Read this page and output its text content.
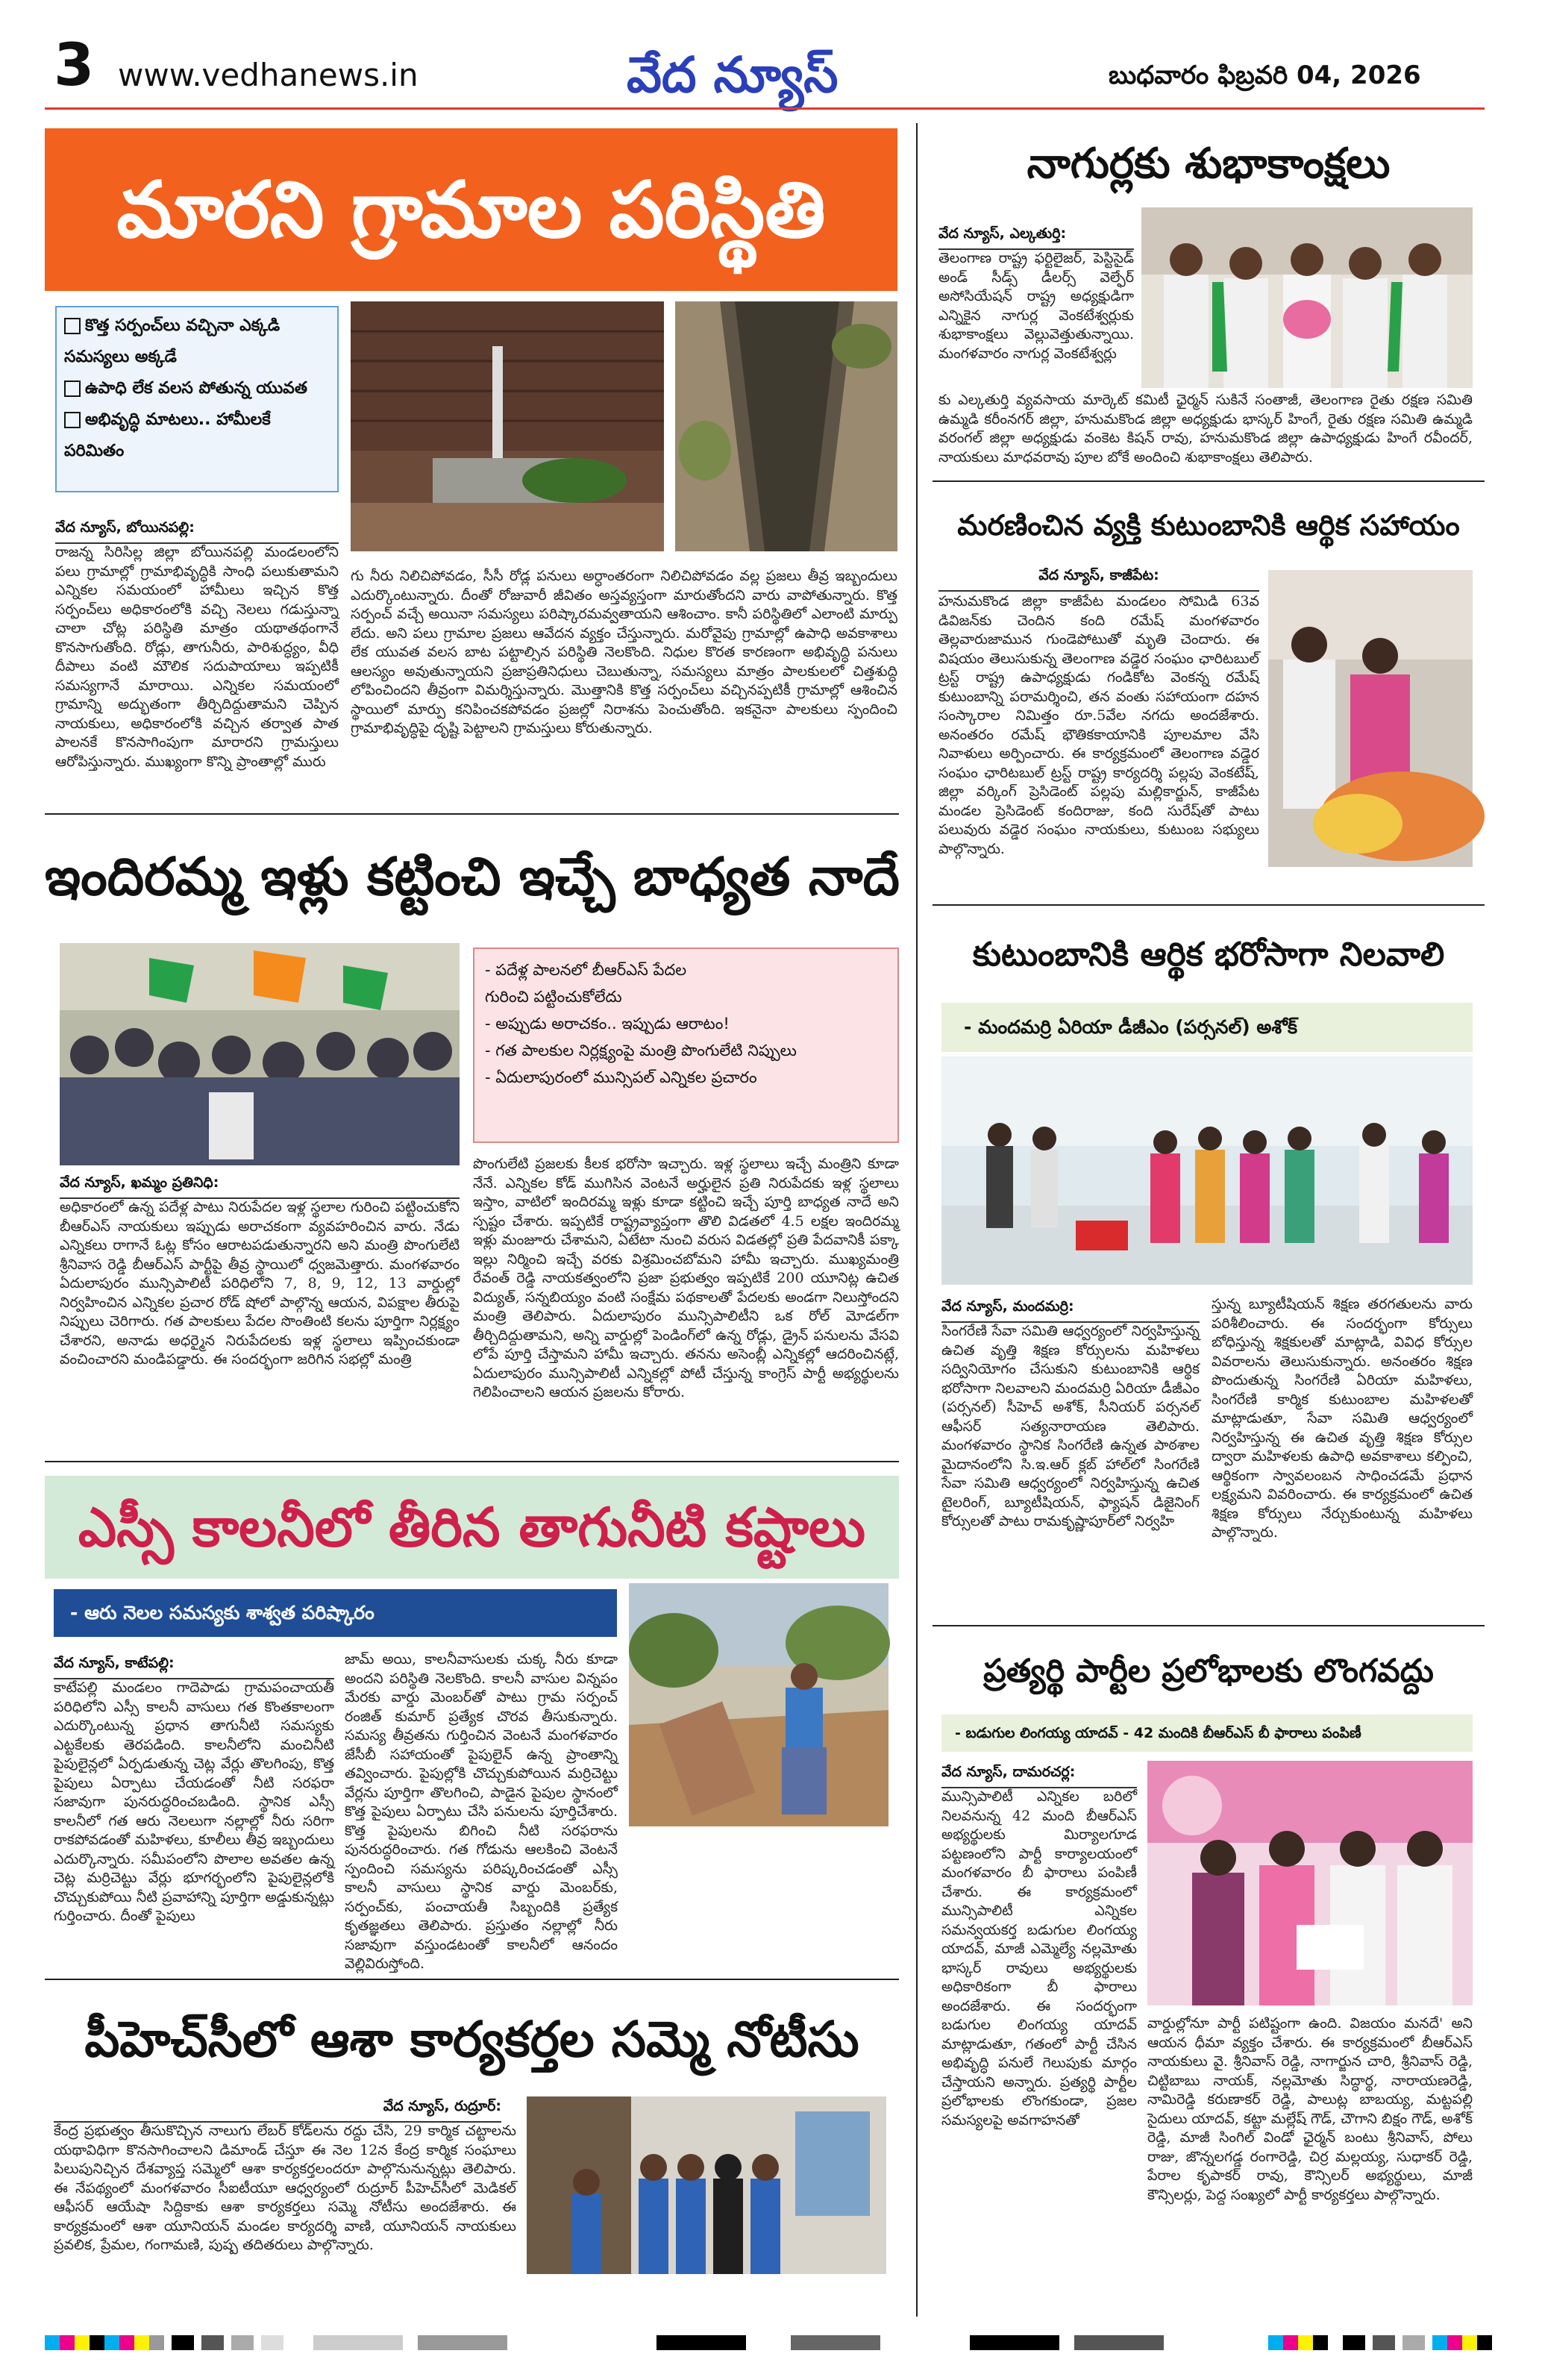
3 www.vedhanews.in	వేద న్యూస్	బుధవారం ఫిబ్రవరి 04, 2026
మారని గ్రామాల పరిస్థితి
కొత్త సర్పంచ్‌లు వచ్చినా ఎక్కడి సమస్యలు అక్కడే
ఉపాధి లేక వలస పోతున్న యువత
అభివృద్ధి మాటలు.. హామీలకే పరిమితం
వేద న్యూస్, బోయినపల్లి:
రాజన్న సిరిసిల్ల జిల్లా బోయినపల్లి మండలంలోని పలు గ్రామాల్లో గ్రామాభివృద్ధికి సాంధి పలుకుతామని ఎన్నికల సమయంలో హామీలు ఇచ్చిన కొత్త సర్పంచ్‌లు అధికారంలోకి వచ్చి నెలలు గడుస్తున్నా చాలా చోట్ల పరిస్థితి మాత్రం యథాతథంగానే కొనసాగుతోంది. రోడ్లు, తాగునీరు, పారిశుద్ధ్యం, వీధి దీపాలు వంటి మౌలిక సదుపాయాలు ఇప్పటికీ సమస్యగానే మారాయి. ఎన్నికల సమయంలో గ్రామాన్ని అద్భుతంగా తీర్చిదిద్దుతామని చెప్పిన నాయకులు, అధికారంలోకి వచ్చిన తర్వాత పాత పాలనకే కొనసాగింపుగా మారారని గ్రామస్తులు ఆరోపిస్తున్నారు. ముఖ్యంగా కొన్ని ప్రాంతాల్లో మురు
గు నీరు నిలిచిపోవడం, సీసీ రోడ్ల పనులు అర్ధాంతరంగా నిలిచిపోవడం వల్ల ప్రజలు తీవ్ర ఇబ్బందులు ఎదుర్కొంటున్నారు. దీంతో రోజువారీ జీవితం అస్తవ్యస్తంగా మారుతోందని వారు వాపోతున్నారు. కొత్త సర్పంచ్ వచ్చే అయినా సమస్యలు పరిష్కారమవ్వతాయని ఆశించాం. కానీ పరిస్థితిలో ఎలాంటి మార్పు లేదు. అని పలు గ్రామాల ప్రజలు ఆవేదన వ్యక్తం చేస్తున్నారు. మరోవైపు గ్రామాల్లో ఉపాధి అవకాశాలు లేక యువత వలస బాట పట్టాల్సిన పరిస్థితి నెలకొంది. నిధుల కొరత కారణంగా అభివృద్ధి పనులు ఆలస్యం అవుతున్నాయని ప్రజాప్రతినిధులు చెబుతున్నా, సమస్యలు మాత్రం పాలకులలో చిత్తశుద్ధి లోపించిందని తీవ్రంగా విమర్శిస్తున్నారు. మొత్తానికి కొత్త సర్పంచ్‌లు వచ్చినప్పటికీ గ్రామాల్లో ఆశించిన స్థాయిలో మార్పు కనిపించకపోవడం ప్రజల్లో నిరాశను పెంచుతోంది. ఇకనైనా పాలకులు స్పందించి గ్రామాభివృద్ధిపై దృష్టి పెట్టాలని గ్రామస్తులు కోరుతున్నారు.
ఇందిరమ్మ ఇళ్లు కట్టించి ఇచ్చే బాధ్యత నాదే
- పదేళ్ల పాలనలో బీఆర్ఎస్ పేదల
గురించి పట్టించుకోలేదు
- అప్పుడు అరాచకం.. ఇప్పుడు ఆరాటం!
- గత పాలకుల నిర్లక్ష్యంపై మంత్రి పొంగులేటి నిప్పులు
- ఏదులాపురంలో మున్సిపల్ ఎన్నికల ప్రచారం
వేద న్యూస్, ఖమ్మం ప్రతినిధి:
అధికారంలో ఉన్న పదేళ్ల పాటు నిరుపేదల ఇళ్ల స్థలాల గురించి పట్టించుకోని బీఆర్ఎస్ నాయకులు ఇప్పుడు అరాచకంగా వ్యవహరించిన వారు. నేడు ఎన్నికలు రాగానే ఓట్ల కోసం ఆరాటపడుతున్నారని అని మంత్రి పొంగులేటి శ్రీనివాస రెడ్డి బీఆర్ఎస్ పార్టీపై తీవ్ర స్థాయిలో ధ్వజమెత్తారు. మంగళవారం ఏదులాపురం మున్సిపాలిటీ పరిధిలోని 7, 8, 9, 12, 13 వార్డుల్లో నిర్వహించిన ఎన్నికల ప్రచార రోడ్ షోలో పాల్గొన్న ఆయన, విపక్షాల తీరుపై నిప్పులు చెరిగారు. గత పాలకులు పేదల సొంతింటి కలను పూర్తిగా నిర్లక్ష్యం చేశారని, అనాడు అధర్మైన నిరుపేదలకు ఇళ్ల స్థలాలు ఇప్పించకుండా వంచించారని మండిపడ్డారు. ఈ సందర్భంగా జరిగిన సభల్లో మంత్రి
పొంగులేటి ప్రజలకు కీలక భరోసా ఇచ్చారు. ఇళ్ల స్థలాలు ఇచ్చే మంత్రిని కూడా నేనే. ఎన్నికల కోడ్ ముగిసిన వెంటనే అర్హులైన ప్రతి నిరుపేదకు ఇళ్ల స్థలాలు ఇస్తాం, వాటిలో ఇందిరమ్మ ఇళ్లు కూడా కట్టించి ఇచ్చే పూర్తి బాధ్యత నాదే అని స్పష్టం చేశారు. ఇప్పటికే రాష్ట్రవ్యాప్తంగా తొలి విడతలో 4.5 లక్షల ఇందిరమ్మ ఇళ్లు మంజూరు చేశామని, ఏటేటా నుంచి వరుస విడతల్లో ప్రతి పేదవానికీ పక్కా ఇల్లు నిర్మించి ఇచ్చే వరకు విశ్రమించబోమని హామీ ఇచ్చారు. ముఖ్యమంత్రి రేవంత్ రెడ్డి నాయకత్వంలోని ప్రజా ప్రభుత్వం ఇప్పటికే 200 యూనిట్ల ఉచిత విద్యుత్, సన్నబియ్యం వంటి సంక్షేమ పథకాలతో పేదలకు అండగా నిలుస్తోందని మంత్రి తెలిపారు. ఏదులాపురం మున్సిపాలిటీని ఒక రోల్ మోడల్‌గా తీర్చిదిద్దుతామని, అన్ని వార్డుల్లో పెండింగ్‌లో ఉన్న రోడ్లు, డ్రైన్ పనులను వేసవి లోపే పూర్తి చేస్తామని హామీ ఇచ్చారు. తనను అసెంబ్లీ ఎన్నికల్లో ఆదరించినట్లే, ఏదులాపురం మున్సిపాలిటీ ఎన్నికల్లో పోటీ చేస్తున్న కాంగ్రెస్ పార్టీ అభ్యర్థులను గెలిపించాలని ఆయన ప్రజలను కోరారు.
ఎస్సీ కాలనీలో తీరిన తాగునీటి కష్టాలు
- ఆరు నెలల సమస్యకు శాశ్వత పరిష్కారం
వేద న్యూస్, కాటేపల్లి:
కాటేపల్లి మండలం గాదెపాడు గ్రామపంచాయతీ పరిధిలోని ఎస్సీ కాలనీ వాసులు గత కొంతకాలంగా ఎదుర్కొంటున్న ప్రధాన తాగునీటి సమస్యకు ఎట్టకేలకు తెరపడింది. కాలనీలోని మంచినీటి పైపులైన్లలో ఏర్పడుతున్న చెట్ల వేర్లు తొలగింపు, కొత్త పైపులు ఏర్పాటు చేయడంతో నీటి సరఫరా సజావుగా పునరుద్ధరించబడింది. స్థానిక ఎస్సీ కాలనీలో గత ఆరు నెలలుగా నల్లాల్లో నీరు సరిగా రాకపోవడంతో మహిళలు, కూలీలు తీవ్ర ఇబ్బందులు ఎదుర్కొన్నారు. సమీపంలోని పొలాల అవతల ఉన్న చెట్ల మర్రిచెట్టు వేర్లు భూగర్భంలోని పైపులైన్లలోకి చొచ్చుకుపోయి నీటి ప్రవాహాన్ని పూర్తిగా అడ్డుకున్నట్లు గుర్తించారు. దీంతో పైపులు
జామ్ అయి, కాలనీవాసులకు చుక్క నీరు కూడా అందని పరిస్థితి నెలకొంది. కాలనీ వాసుల విన్నపం మేరకు వార్డు మెంబర్‌తో పాటు గ్రామ సర్పంచ్ రంజిత్ కుమార్ ప్రత్యేక చొరవ తీసుకున్నారు. సమస్య తీవ్రతను గుర్తించిన వెంటనే మంగళవారం జేసీబీ సహాయంతో పైపులైన్ ఉన్న ప్రాంతాన్ని తవ్వించారు. పైపుల్లోకి చొచ్చుకుపోయిన మర్రిచెట్టు వేర్లను పూర్తిగా తొలగించి, పాడైన పైపుల స్థానంలో కొత్త పైపులు ఏర్పాటు చేసి పనులను పూర్తిచేశారు. కొత్త పైపులను బిగించి నీటి సరఫరాను పునరుద్ధరించారు. గత గోడును ఆలకించి వెంటనే స్పందించి సమస్యను పరిష్కరించడంతో ఎస్సీ కాలనీ వాసులు స్థానిక వార్డు మెంబర్‌కు, సర్పంచ్‌కు, పంచాయతీ సిబ్బందికి ప్రత్యేక కృతజ్ఞతలు తెలిపారు. ప్రస్తుతం నల్లాల్లో నీరు సజావుగా వస్తుండటంతో కాలనీలో ఆనందం వెల్లివిరుస్తోంది.
పీహెచ్‌సీలో ఆశా కార్యకర్తల సమ్మె నోటీసు
వేద న్యూస్, రుద్రూర్:
కేంద్ర ప్రభుత్వం తీసుకొచ్చిన నాలుగు లేబర్ కోడ్‌లను రద్దు చేసి, 29 కార్మిక చట్టాలను యథావిధిగా కొనసాగించాలని డిమాండ్ చేస్తూ ఈ నెల 12న కేంద్ర కార్మిక సంఘాలు పిలుపునిచ్చిన దేశవ్యాప్త సమ్మెలో ఆశా కార్యకర్తలందరూ పాల్గొనునున్నట్లు తెలిపారు. ఈ నేపథ్యంలో మంగళవారం సీఐటీయూ ఆధ్వర్యంలో రుద్రూర్ పీహెచ్‌సీలో మెడికల్ ఆఫీసర్ ఆయేషా సిద్దికాకు ఆశా కార్యకర్తలు సమ్మె నోటీసు అందజేశారు. ఈ కార్యక్రమంలో ఆశా యూనియన్ మండల కార్యదర్శి వాణి, యూనియన్ నాయకులు ప్రవలిక, ప్రేమల, గంగామణి, పుష్ప తదితరులు పాల్గొన్నారు.
నాగుర్లకు శుభాకాంక్షలు
వేద న్యూస్, ఎల్కతుర్తి:
తెలంగాణ రాష్ట్ర ఫర్టిలైజర్, పెస్టిసైడ్ అండ్ సీడ్స్ డీలర్స్ వెల్ఫేర్ అసోసియేషన్ రాష్ట్ర అధ్యక్షుడిగా ఎన్నికైన నాగుర్ల వెంకటేశ్వర్లుకు శుభాకాంక్షలు వెల్లువెత్తుతున్నాయి. మంగళవారం నాగుర్ల వెంకటేశ్వర్లు
కు ఎల్కతుర్తి వ్యవసాయ మార్కెట్ కమిటీ ఛైర్మన్ సుకినే సంతాజీ, తెలంగాణ రైతు రక్షణ సమితి ఉమ్మడి కరీంనగర్ జిల్లా, హనుమకొండ జిల్లా అధ్యక్షుడు భాస్కర్ హింగే, రైతు రక్షణ సమితి ఉమ్మడి వరంగల్ జిల్లా అధ్యక్షుడు వంకెట కిషన్ రావు, హనుమకొండ జిల్లా ఉపాధ్యక్షుడు హింగే రవీందర్, నాయకులు మాధవరావు పూల బోకే అందించి శుభాకాంక్షలు తెలిపారు.
మరణించిన వ్యక్తి కుటుంబానికి ఆర్థిక సహాయం
వేద న్యూస్, కాజీపేట:
హనుమకొండ జిల్లా కాజీపేట మండలం సోమిడి 63వ డివిజన్‌కు చెందిన కంది రమేష్ మంగళవారం తెల్లవారుజామున గుండెపోటుతో మృతి చెందారు. ఈ విషయం తెలుసుకున్న తెలంగాణ వడ్డెర సంఘం ఛారిటబుల్ ట్రస్ట్ రాష్ట్ర ఉపాధ్యక్షుడు గండికోట వెంకన్న రమేష్ కుటుంబాన్ని పరామర్శించి, తన వంతు సహాయంగా దహన సంస్కారాల నిమిత్తం రూ.5వేల నగదు అందజేశారు. అనంతరం రమేష్ భౌతికకాయానికి పూలమాల వేసి నివాళులు అర్పించారు. ఈ కార్యక్రమంలో తెలంగాణ వడ్డెర సంఘం ఛారిటబుల్ ట్రస్ట్ రాష్ట్ర కార్యదర్శి పల్లపు వెంకటేష్, జిల్లా వర్కింగ్ ప్రెసిడెంట్ పల్లపు మల్లికార్జున్, కాజీపేట మండల ప్రెసిడెంట్ కందిరాజు, కంది సురేష్‌తో పాటు పలువురు వడ్డెర సంఘం నాయకులు, కుటుంబ సభ్యులు పాల్గొన్నారు.
కుటుంబానికి ఆర్థిక భరోసాగా నిలవాలి
- మందమర్రి ఏరియా డీజీఎం (పర్సనల్) అశోక్
వేద న్యూస్, మందమర్రి:
సింగరేణి సేవా సమితి ఆధ్వర్యంలో నిర్వహిస్తున్న ఉచిత వృత్తి శిక్షణ కోర్సులను మహిళలు సద్వినియోగం చేసుకుని కుటుంబానికి ఆర్థిక భరోసాగా నిలవాలని మందమర్రి ఏరియా డీజీఎం (పర్సనల్) సీహెచ్ అశోక్, సీనియర్ పర్సనల్ ఆఫీసర్ సత్యనారాయణ తెలిపారు. మంగళవారం స్థానిక సింగరేణి ఉన్నత పాఠశాల మైదానంలోని సి.ఇ.ఆర్ క్లబ్ హాల్‌లో సింగరేణి సేవా సమితి ఆధ్వర్యంలో నిర్వహిస్తున్న ఉచిత టైలరింగ్, బ్యూటీషియన్, ఫ్యాషన్ డిజైనింగ్ కోర్సులతో పాటు రామకృష్ణాపూర్‌లో నిర్వహి
స్తున్న బ్యూటీషియన్ శిక్షణ తరగతులను వారు పరిశీలించారు. ఈ సందర్భంగా కోర్సులు బోధిస్తున్న శిక్షకులతో మాట్లాడి, వివిధ కోర్సుల వివరాలను తెలుసుకున్నారు. అనంతరం శిక్షణ పొందుతున్న సింగరేణి ఏరియా మహిళలు, సింగరేణి కార్మిక కుటుంబాల మహిళలతో మాట్లాడుతూ, సేవా సమితి ఆధ్వర్యంలో నిర్వహిస్తున్న ఈ ఉచిత వృత్తి శిక్షణ కోర్సుల ద్వారా మహిళలకు ఉపాధి అవకాశాలు కల్పించి, ఆర్థికంగా స్వావలంబన సాధించడమే ప్రధాన లక్ష్యమని వివరించారు. ఈ కార్యక్రమంలో ఉచిత శిక్షణ కోర్సులు నేర్చుకుంటున్న మహిళలు పాల్గొన్నారు.
ప్రత్యర్థి పార్టీల ప్రలోభాలకు లొంగవద్దు
- బడుగుల లింగయ్య యాదవ్ - 42 మందికి బీఆర్ఎస్ బీ ఫారాలు పంపిణీ
వేద న్యూస్, దామరచర్ల:
మున్సిపాలిటీ ఎన్నికల బరిలో నిలవనున్న 42 మంది బీఆర్ఎస్ అభ్యర్థులకు మిర్యాలగూడ పట్టణంలోని పార్టీ కార్యాలయంలో మంగళవారం బీ ఫారాలు పంపిణీ చేశారు. ఈ కార్యక్రమంలో మున్సిపాలిటీ ఎన్నికల సమన్వయకర్త బడుగుల లింగయ్య యాదవ్, మాజీ ఎమ్మెల్యే నల్లమోతు భాస్కర్ రావులు అభ్యర్థులకు అధికారికంగా బీ ఫారాలు అందజేశారు. ఈ సందర్భంగా బడుగుల లింగయ్య యాదవ్ మాట్లాడుతూ, గతంలో పార్టీ చేసిన అభివృద్ధి పనులే గెలుపుకు మార్గం చేస్తాయని అన్నారు. ప్రత్యర్థి పార్టీల ప్రలోభాలకు లొంగకుండా, ప్రజల సమస్యలపై అవగాహనతో
వార్డుల్లోనూ పార్టీ పటిష్టంగా ఉంది. విజయం మనదే' అని ఆయన ధీమా వ్యక్తం చేశారు. ఈ కార్యక్రమంలో బీఆర్ఎస్ నాయకులు వై. శ్రీనివాస్ రెడ్డి, నాగార్జున చారి, శ్రీనివాస్ రెడ్డి, చిట్టిబాబు నాయక్, నల్లమోతు సిద్ధార్థ, నారాయణరెడ్డి, నామిరెడ్డి కరుణాకర్ రెడ్డి, పాలుట్ల బాబయ్య, మట్టపల్లి సైదులు యాదవ్, కట్టా మల్లేష్ గౌడ్, చౌగాని బిక్షం గౌడ్, అశోక్ రెడ్డి, మాజీ సింగిల్ విండో ఛైర్మన్ బంటు శ్రీనివాస్, పోలు రాజు, జొన్నలగడ్డ రంగారెడ్డి, చిర్ర మల్లయ్య, సుధాకర్ రెడ్డి, పేరాల కృపాకర్ రావు, కౌన్సిలర్ అభ్యర్థులు, మాజీ కౌన్సిలర్లు, పెద్ద సంఖ్యలో పార్టీ కార్యకర్తలు పాల్గొన్నారు.
